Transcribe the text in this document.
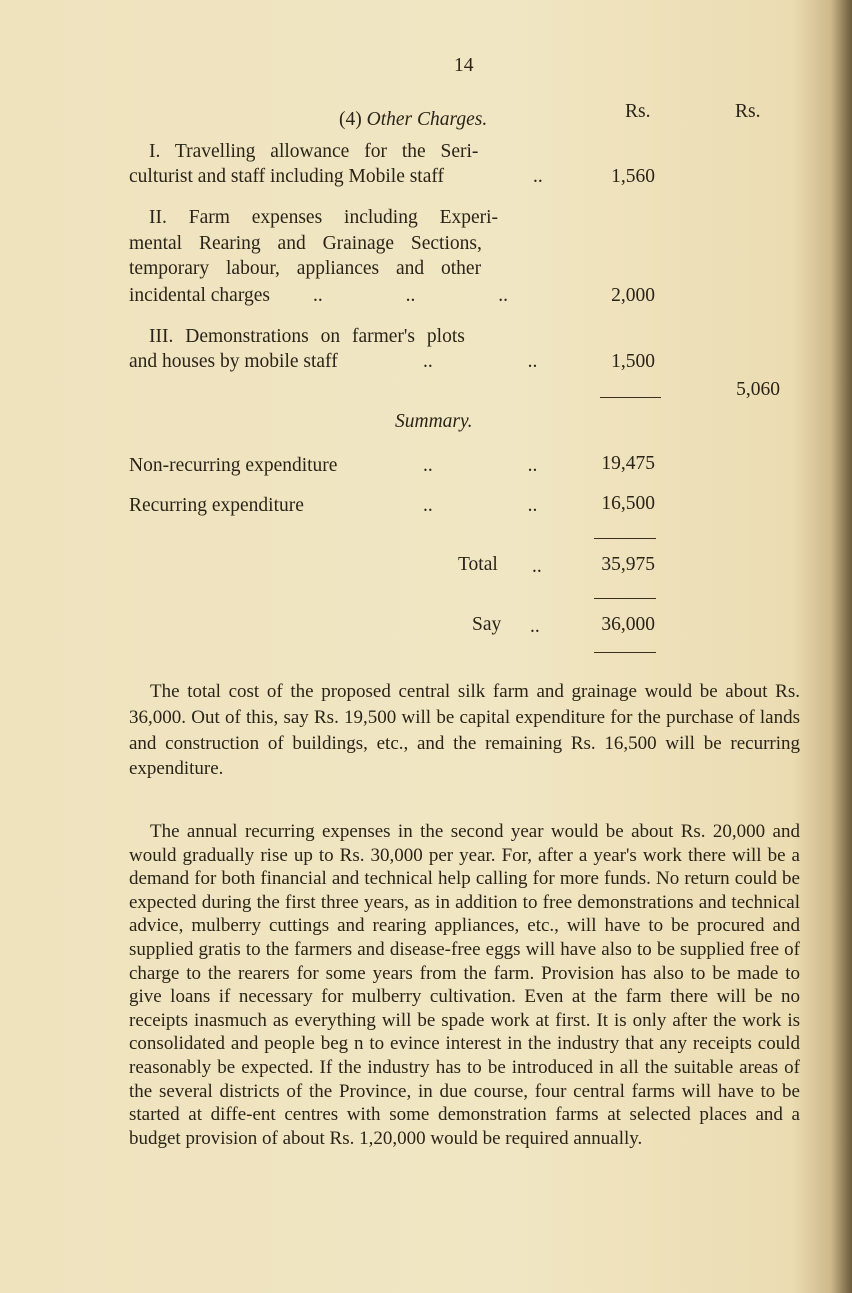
14
(4) Other Charges.	Rs.	Rs.
I. Travelling allowance for the Seri-
culturist and staff including Mobile staff	..	1,560
II. Farm expenses including Experi-
mental Rearing and Grainage Sections,
temporary labour, appliances and other
incidental charges .. .. ..	2,000
III. Demonstrations on farmer's plots
and houses by mobile staff	.. ..	1,500
5,060
Summary.
Non-recurring expenditure	.. ..	19,475
Recurring expenditure	.. ..	16,500
Total ..	35,975
Say ..	36,000

The total cost of the proposed central silk farm and grainage would be about Rs. 36,000. Out of this, say Rs. 19,500 will be capital expenditure for the purchase of lands and construction of buildings, etc., and the remaining Rs. 16,500 will be recurring expenditure.

The annual recurring expenses in the second year would be about Rs. 20,000 and would gradually rise up to Rs. 30,000 per year. For, after a year's work there will be a demand for both financial and technical help calling for more funds. No return could be expected during the first three years, as in addition to free demonstrations and technical advice, mulberry cuttings and rearing appliances, etc., will have to be procured and supplied gratis to the farmers and disease-free eggs will have also to be supplied free of charge to the rearers for some years from the farm. Provision has also to be made to give loans if necessary for mulberry cultivation. Even at the farm there will be no receipts inasmuch as everything will be spade work at first. It is only after the work is consolidated and people beg n to evince interest in the industry that any receipts could reasonably be expected. If the industry has to be introduced in all the suitable areas of the several districts of the Province, in due course, four central farms will have to be started at diffe-ent centres with some demonstration farms at selected places and a budget provision of about Rs. 1,20,000 would be required annually.
